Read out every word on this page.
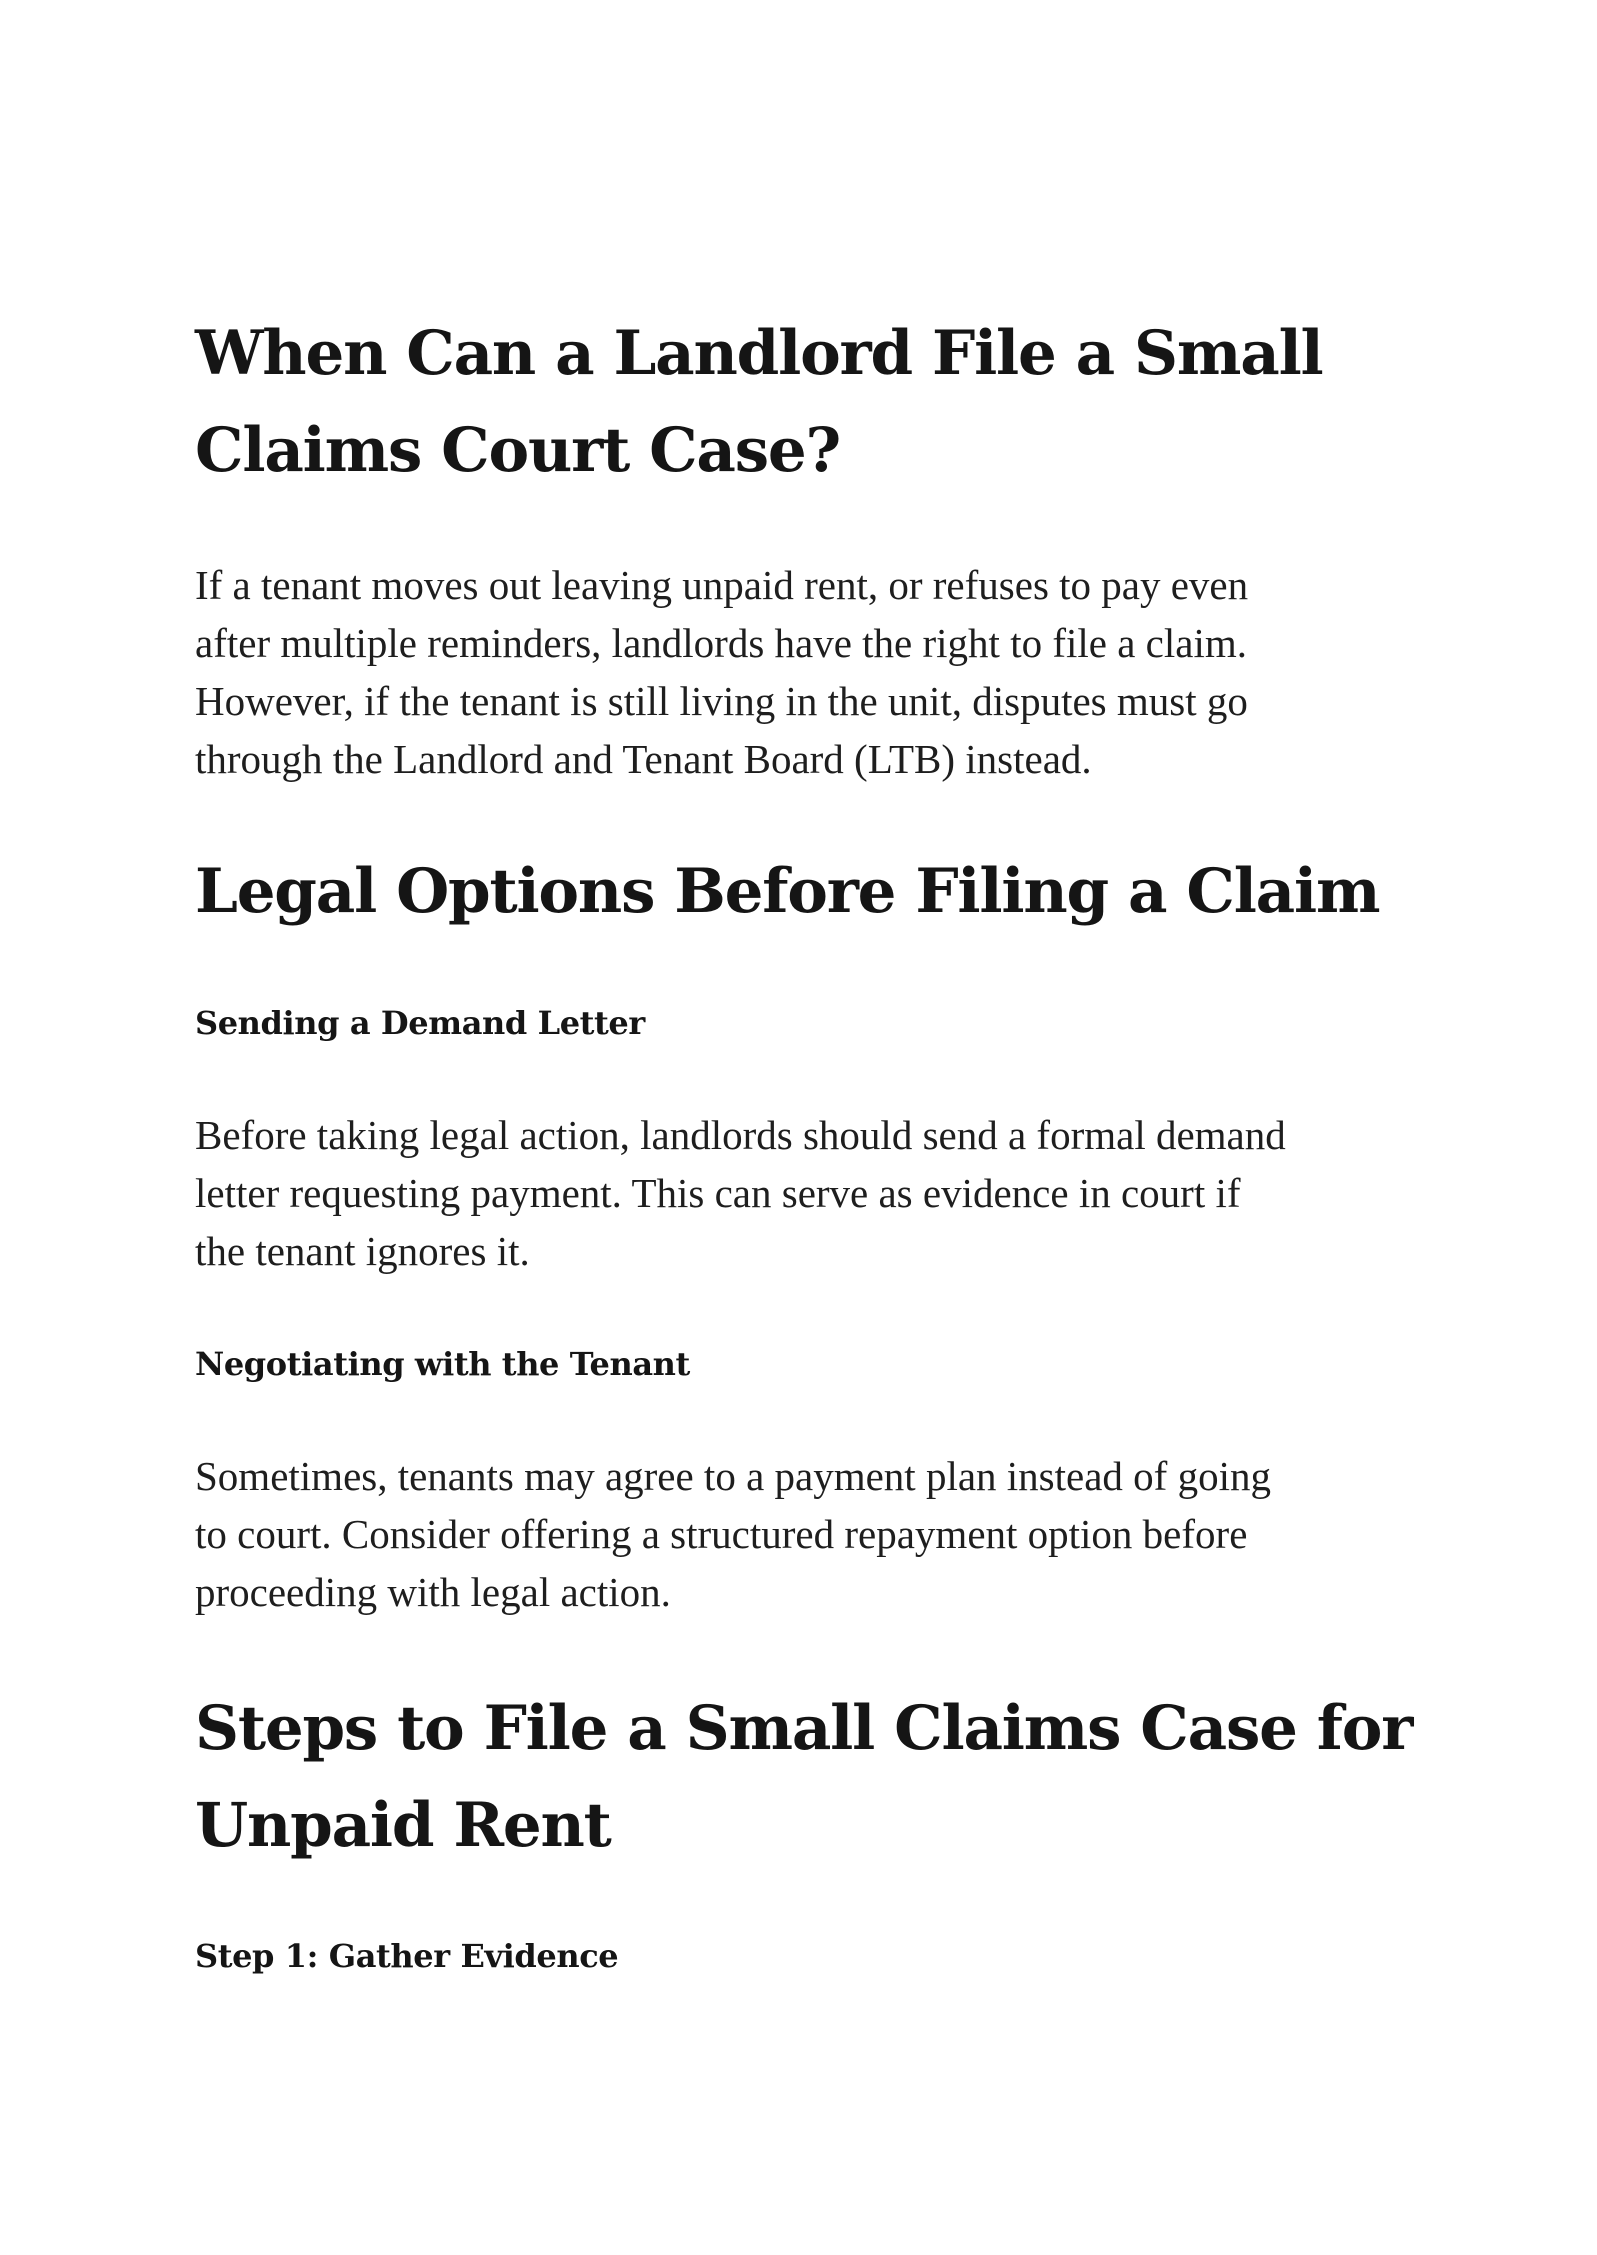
When Can a Landlord File a Small
Claims Court Case?

If a tenant moves out leaving unpaid rent, or refuses to pay even
after multiple reminders, landlords have the right to file a claim.
However, if the tenant is still living in the unit, disputes must go
through the Landlord and Tenant Board (LTB) instead.

Legal Options Before Filing a Claim
Sending a Demand Letter

Before taking legal action, landlords should send a formal demand
letter requesting payment. This can serve as evidence in court if
the tenant ignores it.

Negotiating with the Tenant

Sometimes, tenants may agree to a payment plan instead of going
to court. Consider offering a structured repayment option before
proceeding with legal action.

Steps to File a Small Claims Case for
Unpaid Rent
Step 1: Gather Evidence
